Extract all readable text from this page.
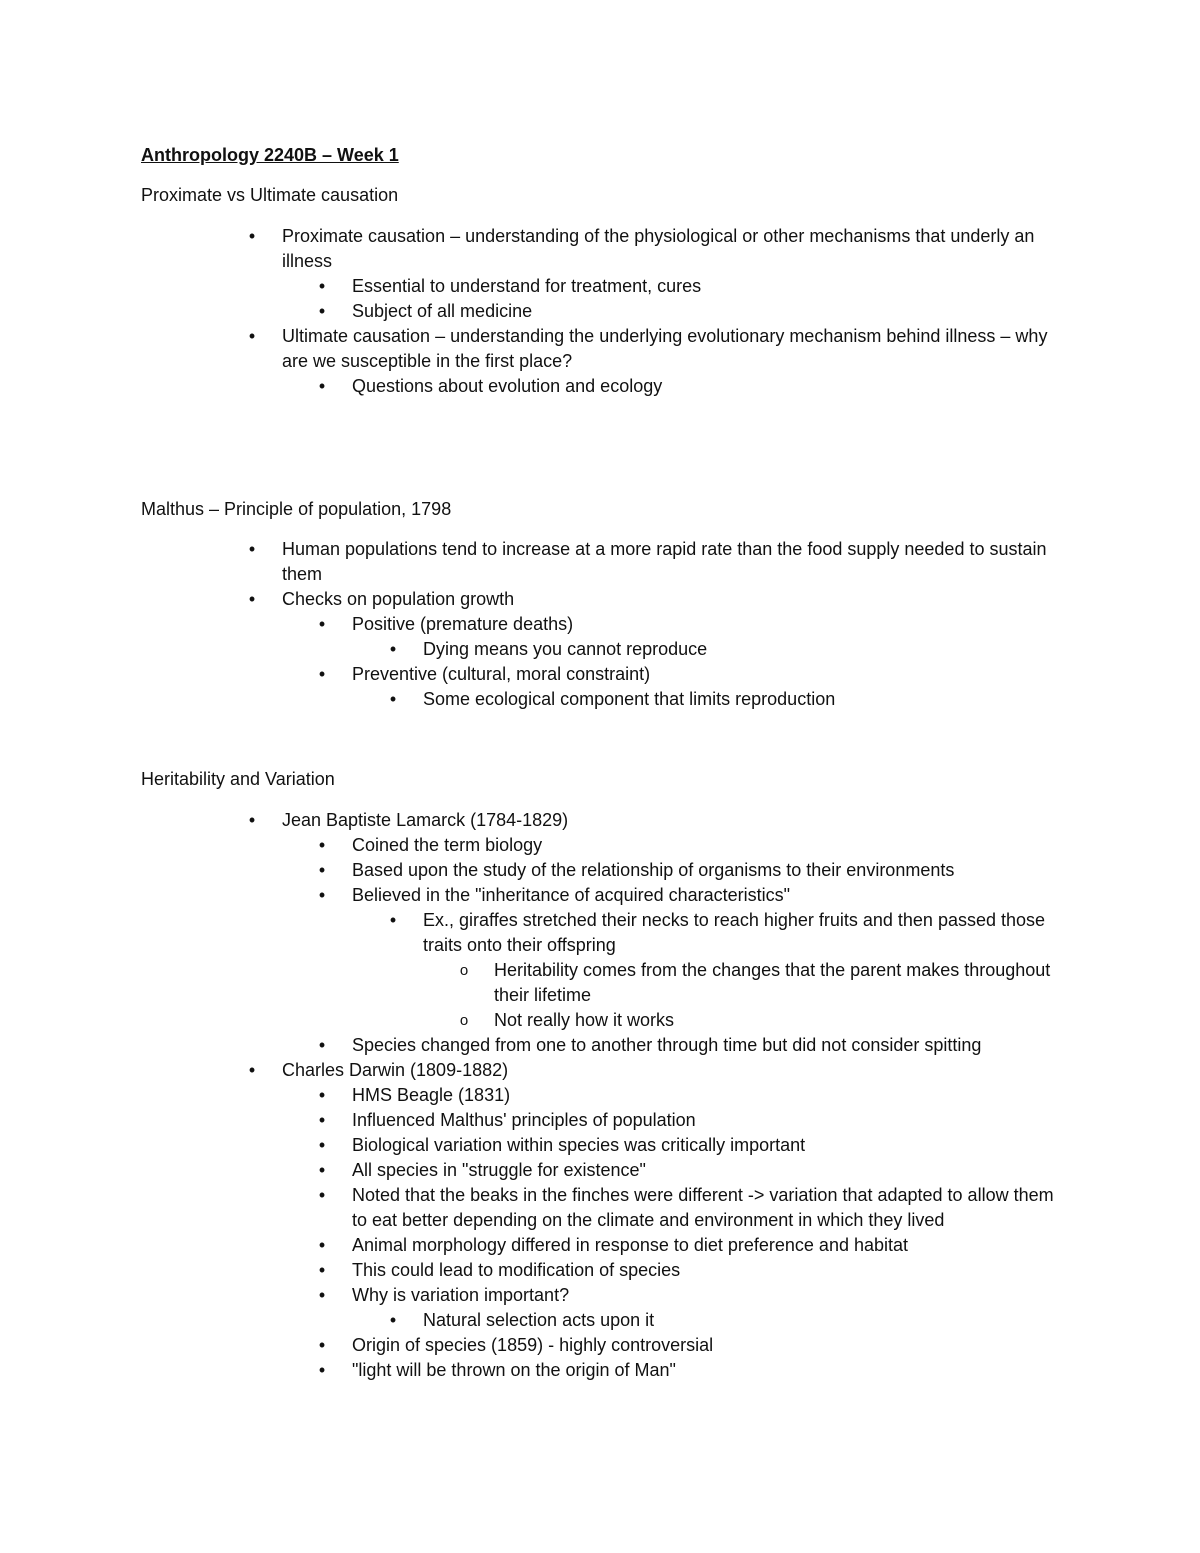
Anthropology 2240B – Week 1
Proximate vs Ultimate causation
•	Proximate causation – understanding of the physiological or other mechanisms that underly an illness
•	Essential to understand for treatment, cures
•	Subject of all medicine
•	Ultimate causation – understanding the underlying evolutionary mechanism behind illness – why are we susceptible in the first place?
•	Questions about evolution and ecology
Malthus – Principle of population, 1798
•	Human populations tend to increase at a more rapid rate than the food supply needed to sustain them
•	Checks on population growth
•	Positive (premature deaths)
•	Dying means you cannot reproduce
•	Preventive (cultural, moral constraint)
•	Some ecological component that limits reproduction
Heritability and Variation
•	Jean Baptiste Lamarck (1784-1829)
•	Coined the term biology
•	Based upon the study of the relationship of organisms to their environments
•	Believed in the "inheritance of acquired characteristics"
•	Ex., giraffes stretched their necks to reach higher fruits and then passed those traits onto their offspring
o	Heritability comes from the changes that the parent makes throughout their lifetime
o	Not really how it works
•	Species changed from one to another through time but did not consider spitting
•	Charles Darwin (1809-1882)
•	HMS Beagle (1831)
•	Influenced Malthus' principles of population
•	Biological variation within species was critically important
•	All species in "struggle for existence"
•	Noted that the beaks in the finches were different -> variation that adapted to allow them to eat better depending on the climate and environment in which they lived
•	Animal morphology differed in response to diet preference and habitat
•	This could lead to modification of species
•	Why is variation important?
•	Natural selection acts upon it
•	Origin of species (1859) - highly controversial
•	"light will be thrown on the origin of Man"
